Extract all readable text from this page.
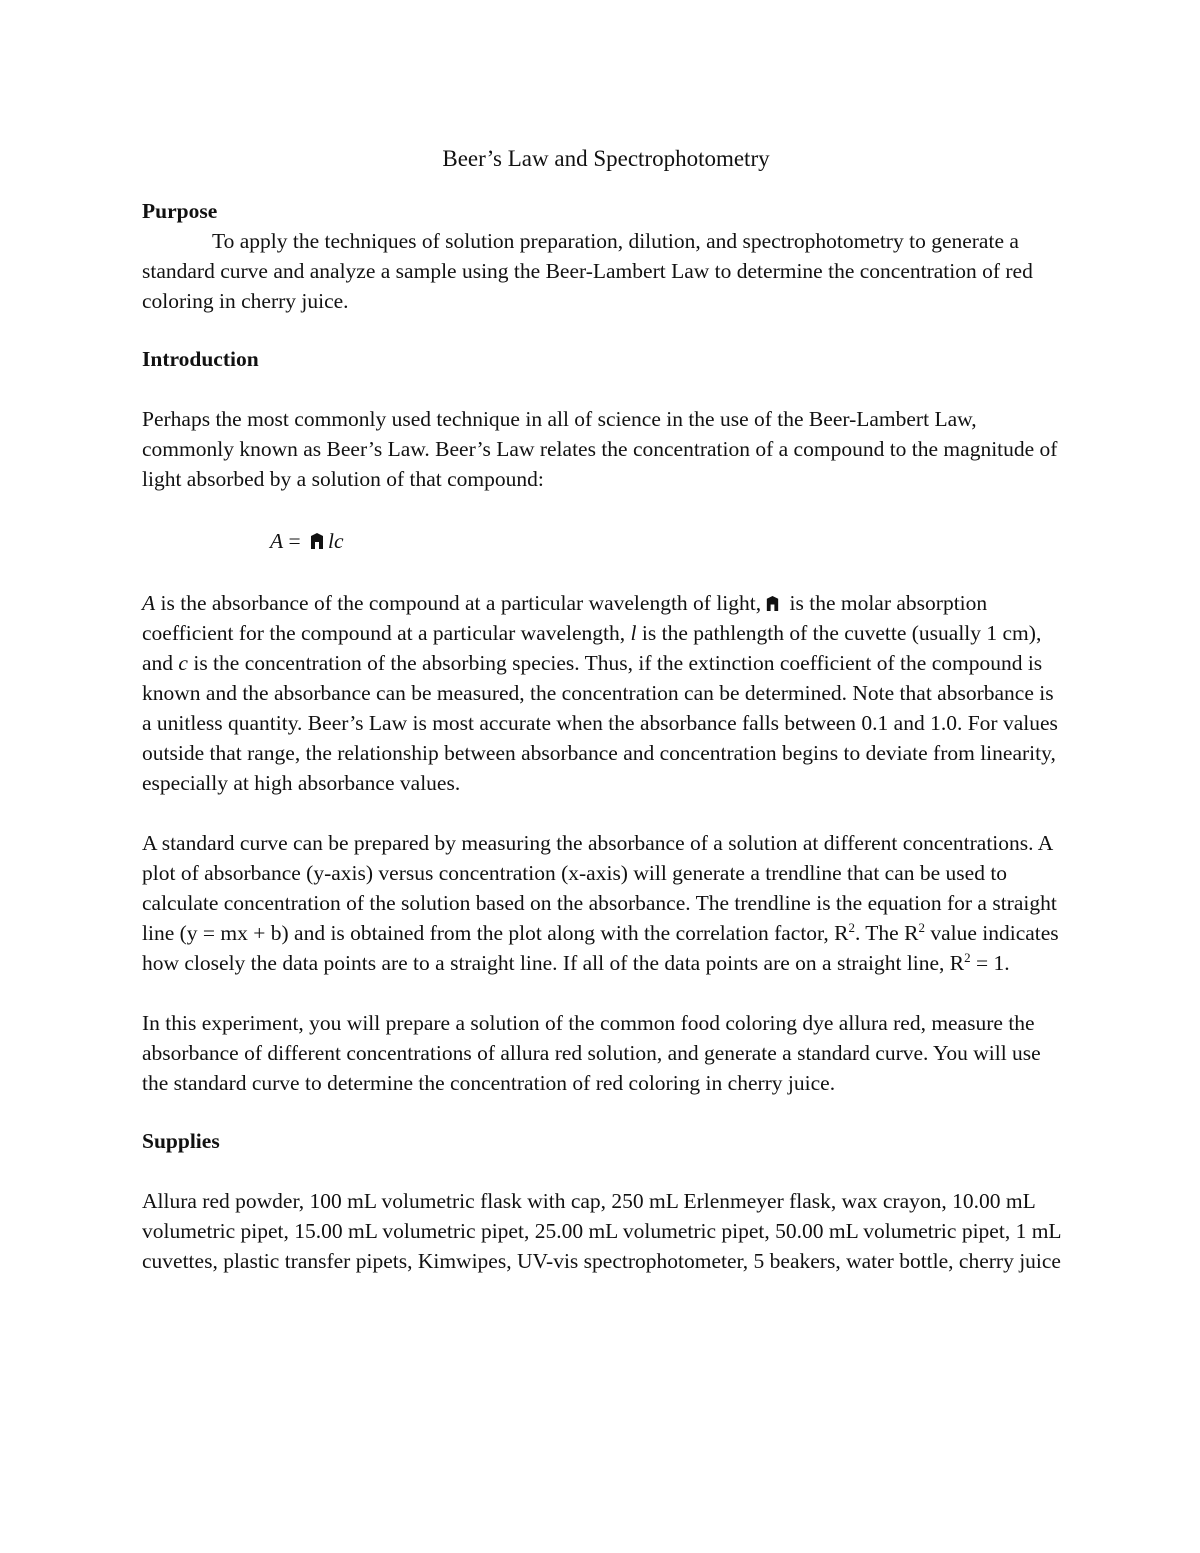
Beer’s Law and Spectrophotometry
Purpose

To apply the techniques of solution preparation, dilution, and spectrophotometry to generate a standard curve and analyze a sample using the Beer-Lambert Law to determine the concentration of red coloring in cherry juice.

Introduction

Perhaps the most commonly used technique in all of science in the use of the Beer-Lambert Law, commonly known as Beer’s Law. Beer’s Law relates the concentration of a compound to the magnitude of light absorbed by a solution of that compound:

A = lc

A is the absorbance of the compound at a particular wavelength of light, is the molar absorption coefficient for the compound at a particular wavelength, l is the pathlength of the cuvette (usually 1 cm), and c is the concentration of the absorbing species. Thus, if the extinction coefficient of the compound is known and the absorbance can be measured, the concentration can be determined. Note that absorbance is a unitless quantity. Beer’s Law is most accurate when the absorbance falls between 0.1 and 1.0. For values outside that range, the relationship between absorbance and concentration begins to deviate from linearity, especially at high absorbance values.

A standard curve can be prepared by measuring the absorbance of a solution at different concentrations. A plot of absorbance (y-axis) versus concentration (x-axis) will generate a trendline that can be used to calculate concentration of the solution based on the absorbance. The trendline is the equation for a straight line (y = mx + b) and is obtained from the plot along with the correlation factor, $R^2$. The $R^2$ value indicates how closely the data points are to a straight line. If all of the data points are on a straight line, $R^2 = 1$.

In this experiment, you will prepare a solution of the common food coloring dye allura red, measure the absorbance of different concentrations of allura red solution, and generate a standard curve. You will use the standard curve to determine the concentration of red coloring in cherry juice.

Supplies

Allura red powder, 100 mL volumetric flask with cap, 250 mL Erlenmeyer flask, wax crayon, 10.00 mL volumetric pipet, 15.00 mL volumetric pipet, 25.00 mL volumetric pipet, 50.00 mL volumetric pipet, 1 mL cuvettes, plastic transfer pipets, Kimwipes, UV-vis spectrophotometer, 5 beakers, water bottle, cherry juice
